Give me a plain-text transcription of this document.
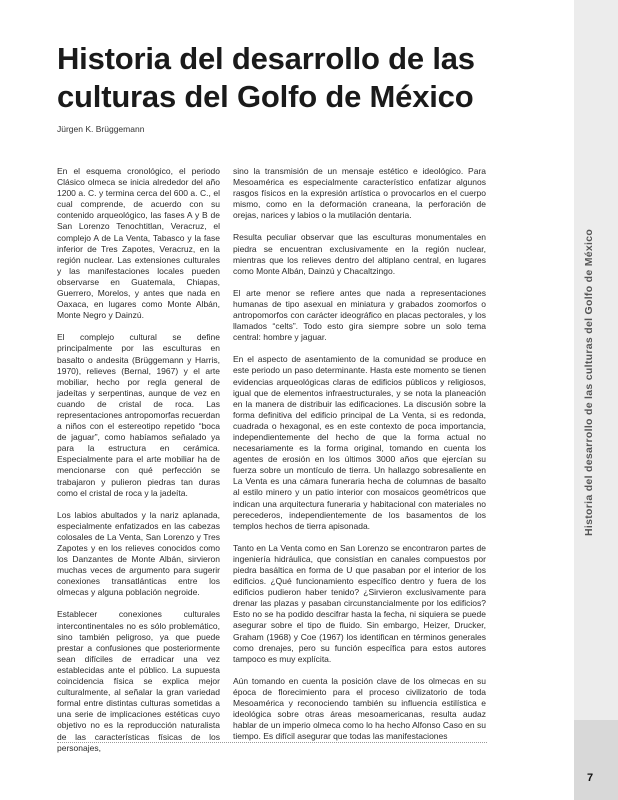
Historia del desarrollo de las culturas del Golfo de México
Historia del desarrollo de las culturas del Golfo de México
Jürgen K. Brüggemann

En el esquema cronológico, el periodo Clásico olmeca se inicia alrededor del año 1200 a. C. y termina cerca del 600 a. C., el cual comprende, de acuerdo con su contenido arqueológico, las fases A y B de San Lorenzo Tenochtitlan, Veracruz, el complejo A de La Venta, Tabasco y la fase inferior de Tres Zapotes, Veracruz, en la región nuclear. Las extensiones culturales y las manifestaciones locales pueden observarse en Guatemala, Chiapas, Guerrero, Morelos, y antes que nada en Oaxaca, en lugares como Monte Albán, Monte Negro y Dainzú.

El complejo cultural se define principalmente por las esculturas en basalto o andesita (Brüggemann y Harris, 1970), relieves (Bernal, 1967) y el arte mobiliar, hecho por regla general de jadeítas y serpentinas, aunque de vez en cuando de cristal de roca. Las representaciones antropomorfas recuerdan a niños con el estereotipo repetido “boca de jaguar”, como habíamos señalado ya para la estructura en cerámica. Especialmente para el arte mobiliar ha de mencionarse con qué perfección se trabajaron y pulieron piedras tan duras como el cristal de roca y la jadeíta.

Los labios abultados y la nariz aplanada, especialmente enfatizados en las cabezas colosales de La Venta, San Lorenzo y Tres Zapotes y en los relieves conocidos como los Danzantes de Monte Albán, sirvieron muchas veces de argumento para sugerir conexiones transatlánticas entre los olmecas y alguna población negroide.

Establecer conexiones culturales intercontinentales no es sólo problemático, sino también peligroso, ya que puede prestar a confusiones que posteriormente sean difíciles de erradicar una vez establecidas ante el público. La supuesta coincidencia física se explica mejor culturalmente, al señalar la gran variedad formal entre distintas culturas sometidas a una serie de implicaciones estéticas cuyo objetivo no es la reproducción naturalista de las características físicas de los personajes,

sino la transmisión de un mensaje estético e ideológico. Para Mesoamérica es especialmente característico enfatizar algunos rasgos físicos en la expresión artística o provocarlos en el cuerpo mismo, como en la deformación craneana, la perforación de orejas, narices y labios o la mutilación dentaria.

Resulta peculiar observar que las esculturas monumentales en piedra se encuentran exclusivamente en la región nuclear, mientras que los relieves dentro del altiplano central, en lugares como Monte Albán, Dainzú y Chacaltzingo.

El arte menor se refiere antes que nada a representaciones humanas de tipo asexual en miniatura y grabados zoomorfos o antropomorfos con carácter ideográfico en placas pectorales, y los llamados “celts”. Todo esto gira siempre sobre un solo tema central: hombre y jaguar.

En el aspecto de asentamiento de la comunidad se produce en este periodo un paso determinante. Hasta este momento se tienen evidencias arqueológicas claras de edificios públicos y religiosos, igual que de elementos infraestructurales, y se nota la planeación en la manera de distribuir las edificaciones. La discusión sobre la forma definitiva del edificio principal de La Venta, si es redonda, cuadrada o hexagonal, es en este contexto de poca importancia, independientemente del hecho de que la forma actual no necesariamente es la forma original, tomando en cuenta los agentes de erosión en los últimos 3000 años que ejercían su fuerza sobre un montículo de tierra. Un hallazgo sobresaliente en La Venta es una cámara funeraria hecha de columnas de basalto al estilo minero y un patio interior con mosaicos geométricos que indican una arquitectura funeraria y habitacional con materiales no perecederos, independientemente de los basamentos de los templos hechos de tierra apisonada.

Tanto en La Venta como en San Lorenzo se encontraron partes de ingeniería hidráulica, que consistían en canales compuestos por piedra basáltica en forma de U que pasaban por el interior de los edificios. ¿Qué funcionamiento específico dentro y fuera de los edificios pudieron haber tenido? ¿Sirvieron exclusivamente para drenar las plazas y pasaban circunstancialmente por los edificios? Esto no se ha podido descifrar hasta la fecha, ni siquiera se puede asegurar sobre el tipo de fluido. Sin embargo, Heizer, Drucker, Graham (1968) y Coe (1967) los identifican en términos generales como drenajes, pero su función específica para estos autores tampoco es muy explícita.

Aún tomando en cuenta la posición clave de los olmecas en su época de florecimiento para el proceso civilizatorio de toda Mesoamérica y reconociendo también su influencia estilística e ideológica sobre otras áreas mesoamericanas, resulta audaz hablar de un imperio olmeca como lo ha hecho Alfonso Caso en su tiempo. Es difícil asegurar que todas las manifestaciones

7
